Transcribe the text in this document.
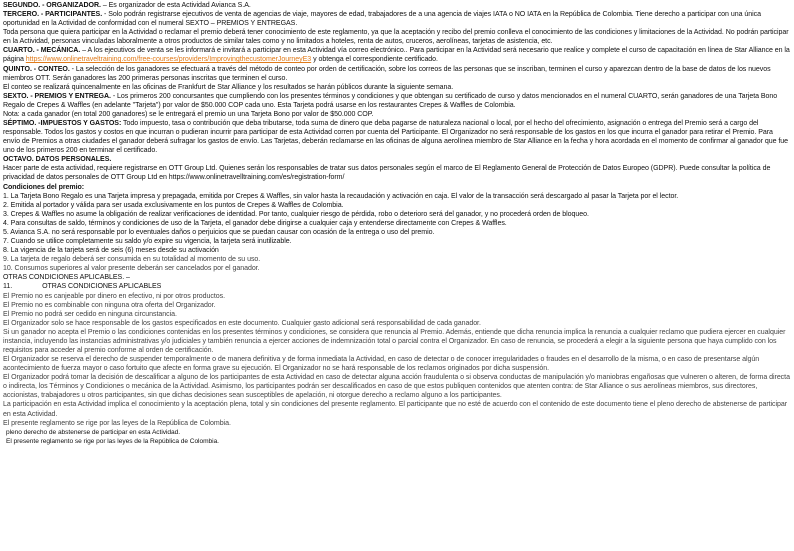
SEGUNDO. - ORGANIZADOR. – Es organizador de esta Actividad Avianca S.A.

TERCERO. - PARTICIPANTES. - Solo podrán registrarse ejecutivos de venta de agencias de viaje, mayores de edad, trabajadores de a una agencia de viajes IATA o NO IATA en la República de Colombia. Tiene derecho a participar con una única oportunidad en la Actividad de conformidad con el numeral SEXTO – PREMIOS Y ENTREGAS.

Toda persona que quiera participar en la Actividad o reclamar el premio deberá tener conocimiento de este reglamento, ya que la aceptación y recibo del premio conlleva el conocimiento de las condiciones y limitaciones de la Actividad. No podrán participar en la Actividad, personas vinculadas laboralmente a otros productos de similar tales como y no limitados a hoteles, renta de autos, cruceros, aerolíneas, tarjetas de asistencia, etc.

CUARTO. - MECÁNICA. – A los ejecutivos de venta se les informará e invitará a participar en esta Actividad vía correo electrónico.. Para participar en la Actividad será necesario que realice y complete el curso de capacitación en línea de Star Alliance en la página https://www.onlinetraveltraining.com/free-courses/providers/ImprovingthecustomerJourneyE3 y obtenga el correspondiente certificado.

QUINTO. - CONTEO. - La selección de los ganadores se efectuará a través del método de conteo por orden de certificación, sobre los correos de las personas que se inscriban, terminen el curso y aparezcan dentro de la base de datos de los nuevos miembros OTT. Serán ganadores las 200 primeras personas inscritas que terminen el curso.

El conteo se realizará quincenalmente en las oficinas de Frankfurt de Star Alliance y los resultados se harán públicos durante la siguiente semana.

SEXTO. - PREMIOS Y ENTREGA. - Los primeros 200 concursantes que cumpliendo con los presentes términos y condiciones y que obtengan su certificado de curso y datos mencionados en el numeral CUARTO, serán ganadores de una Tarjeta Bono Regalo de Crepes & Waffles (en adelante "Tarjeta") por valor de $50.000 COP cada uno. Esta Tarjeta podrá usarse en los restaurantes Crepes & Waffles de Colombia.

Nota: a cada ganador (en total 200 ganadores) se le entregará el premio un una Tarjeta Bono por valor de $50.000 COP.

SÉPTIMO. -IMPUESTOS Y GASTOS: Todo impuesto, tasa o contribución que deba tributarse, toda suma de dinero que deba pagarse de naturaleza nacional o local, por el hecho del ofrecimiento, asignación o entrega del Premio será a cargo del responsable. Todos los gastos y costos en que incurran o pudieran incurrir para participar de esta Actividad corren por cuenta del Participante. El Organizador no será responsable de los gastos en los que incurra el ganador para retirar el Premio. Para envío de Premios a otras ciudades el ganador deberá sufragar los gastos de envío. Las Tarjetas, deberán reclamarse en las oficinas de alguna aerolínea miembro de Star Alliance en la fecha y hora acordada en el momento de confirmar al ganador que fue uno de los primeros 200 en terminar el certificado.

OCTAVO. DATOS PERSONALES.

Hacer parte de esta actividad, requiere registrarse en OTT Group Ltd. Quienes serán los responsables de tratar sus datos personales según el marco de El Reglamento General de Protección de Datos Europeo (GDPR). Puede consultar la política de privacidad de datos personales de OTT Group Ltd en https://www.onlinetravelltraining.com/es/registration-form/

Condiciones del premio:

1. La Tarjeta Bono Regalo es una Tarjeta impresa y prepagada, emitida por Crepes & Waffles, sin valor hasta la recaudación y activación en caja. El valor de la transacción será descargado al pasar la Tarjeta por el lector.
2. Emitida al portador y válida para ser usada exclusivamente en los puntos de Crepes & Waffles de Colombia.
3. Crepes & Waffles no asume la obligación de realizar verificaciones de identidad. Por tanto, cualquier riesgo de pérdida, robo o deterioro será del ganador, y no procederá orden de bloqueo.
4. Para consultas de saldo, términos y condiciones de uso de la Tarjeta, el ganador debe dirigirse a cualquier caja y entenderse directamente con Crepes & Waffles.
5. Avianca S.A. no será responsable por lo eventuales daños o perjuicios que se puedan causar con ocasión de la entrega o uso del premio.
7. Cuando se utilice completamente su saldo y/o expire su vigencia, la tarjeta será inutilizable.
8. La vigencia de la tarjeta será de seis (6) meses desde su activación
9. La tarjeta de regalo deberá ser consumida en su totalidad al momento de su uso.
10. Consumos superiores al valor presente deberán ser cancelados por el ganador.

OTRAS CONDICIONES APLICABLES. –

11.	OTRAS CONDICIONES APLICABLES

El Premio no es canjeable por dinero en efectivo, ni por otros productos.

El Premio no es combinable con ninguna otra oferta del Organizador.

El Premio no podrá ser cedido en ninguna circunstancia.

El Organizador solo se hace responsable de los gastos especificados en este documento. Cualquier gasto adicional será responsabilidad de cada ganador.

Si un ganador no acepta el Premio o las condiciones contenidas en los presentes términos y condiciones, se considera que renuncia al Premio. Además, entiende que dicha renuncia implica la renuncia a cualquier reclamo que pudiera ejercer en cualquier instancia, incluyendo las instancias administrativas y/o judiciales y también renuncia a ejercer acciones de indemnización total o parcial contra el Organizador. En caso de renuncia, se procederá a elegir a la siguiente persona que haya cumplido con los requisitos para acceder al premio conforme al orden de certificación.

El Organizador se reserva el derecho de suspender temporalmente o de manera definitiva y de forma inmediata la Actividad, en caso de detectar o de conocer irregularidades o fraudes en el desarrollo de la misma, o en caso de presentarse algún acontecimiento de fuerza mayor o caso fortuito que afecte en forma grave su ejecución. El Organizador no se hará responsable de los reclamos originados por dicha suspensión.

El Organizador podrá tomar la decisión de descalificar a alguno de los participantes de esta Actividad en caso de detectar alguna acción fraudulenta o si observa conductas de manipulación y/o maniobras engañosas que vulneren o alteren, de forma directa o indirecta, los Términos y Condiciones o mecánica de la Actividad. Asimismo, los participantes podrán ser descalificados en caso de que estos publiquen contenidos que atenten contra: de Star Alliance o sus aerolíneas miembros, sus directores, accionistas, trabajadores u otros participantes, sin que dichas decisiones sean susceptibles de apelación, ni otorgue derecho a reclamo alguno a los participantes.

La participación en esta Actividad implica el conocimiento y la aceptación plena, total y sin condiciones del presente reglamento. El participante que no esté de acuerdo con el contenido de este documento tiene el pleno derecho de abstenerse de participar en esta Actividad.

El presente reglamento se rige por las leyes de la República de Colombia.

pleno derecho de abstenerse de participar en esta Actividad.

El presente reglamento se rige por las leyes de la República de Colombia.
